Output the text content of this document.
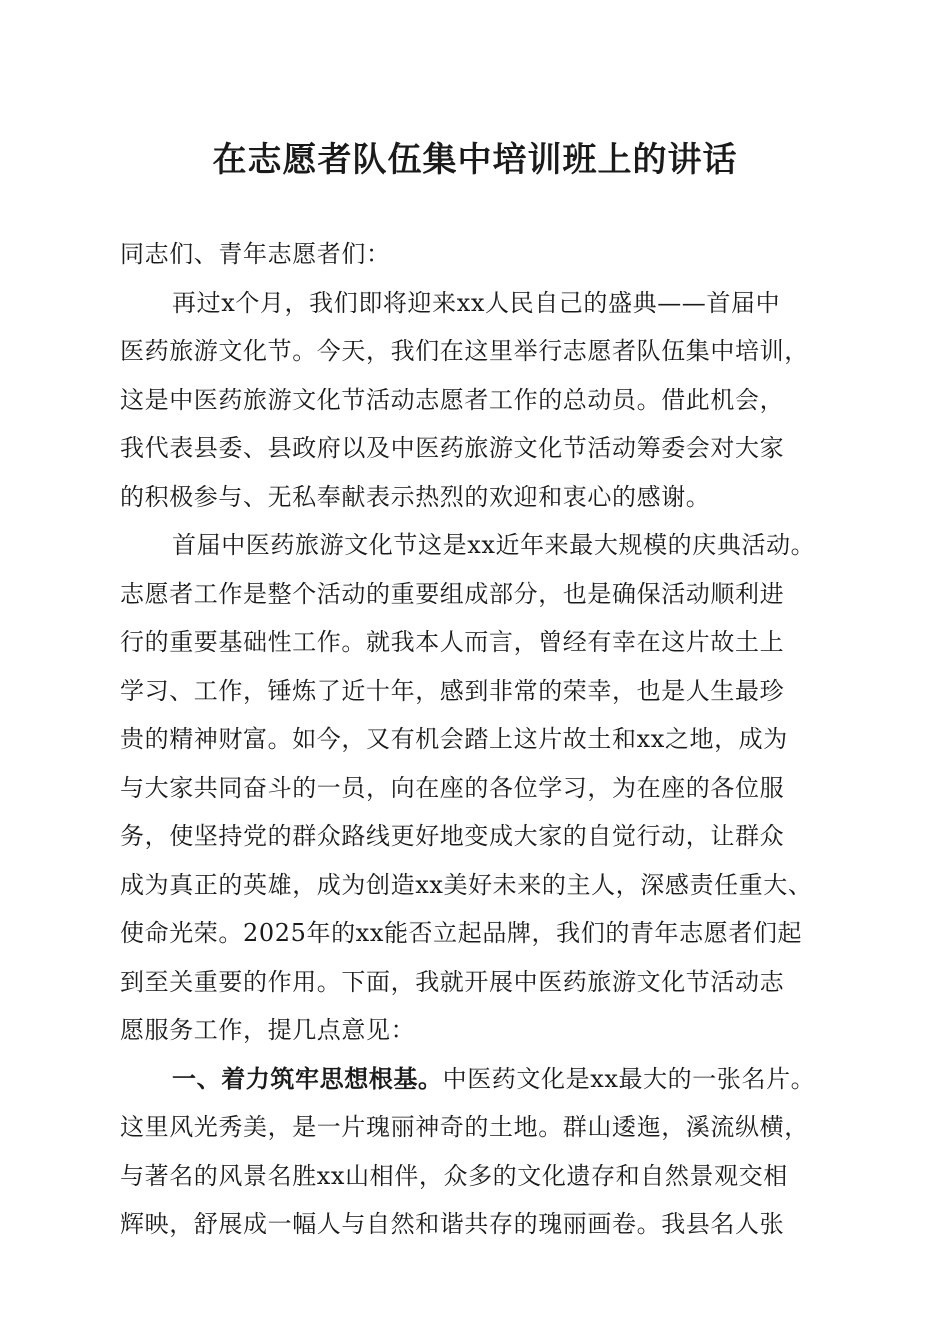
在志愿者队伍集中培训班上的讲话
同志们、青年志愿者们：
再过x个月，我们即将迎来xx人民自己的盛典——首届中
医药旅游文化节。今天，我们在这里举行志愿者队伍集中培训，
这是中医药旅游文化节活动志愿者工作的总动员。借此机会，
我代表县委、县政府以及中医药旅游文化节活动筹委会对大家
的积极参与、无私奉献表示热烈的欢迎和衷心的感谢。
首届中医药旅游文化节这是xx近年来最大规模的庆典活动。
志愿者工作是整个活动的重要组成部分，也是确保活动顺利进
行的重要基础性工作。就我本人而言，曾经有幸在这片故土上
学习、工作，锤炼了近十年，感到非常的荣幸，也是人生最珍
贵的精神财富。如今，又有机会踏上这片故土和xx之地，成为
与大家共同奋斗的一员，向在座的各位学习，为在座的各位服
务，使坚持党的群众路线更好地变成大家的自觉行动，让群众
成为真正的英雄，成为创造xx美好未来的主人，深感责任重大、
使命光荣。2025年的xx能否立起品牌，我们的青年志愿者们起
到至关重要的作用。下面，我就开展中医药旅游文化节活动志
愿服务工作，提几点意见：
一、着力筑牢思想根基。中医药文化是xx最大的一张名片。
这里风光秀美，是一片瑰丽神奇的土地。群山逶迤，溪流纵横，
与著名的风景名胜xx山相伴，众多的文化遗存和自然景观交相
辉映，舒展成一幅人与自然和谐共存的瑰丽画卷。我县名人张
